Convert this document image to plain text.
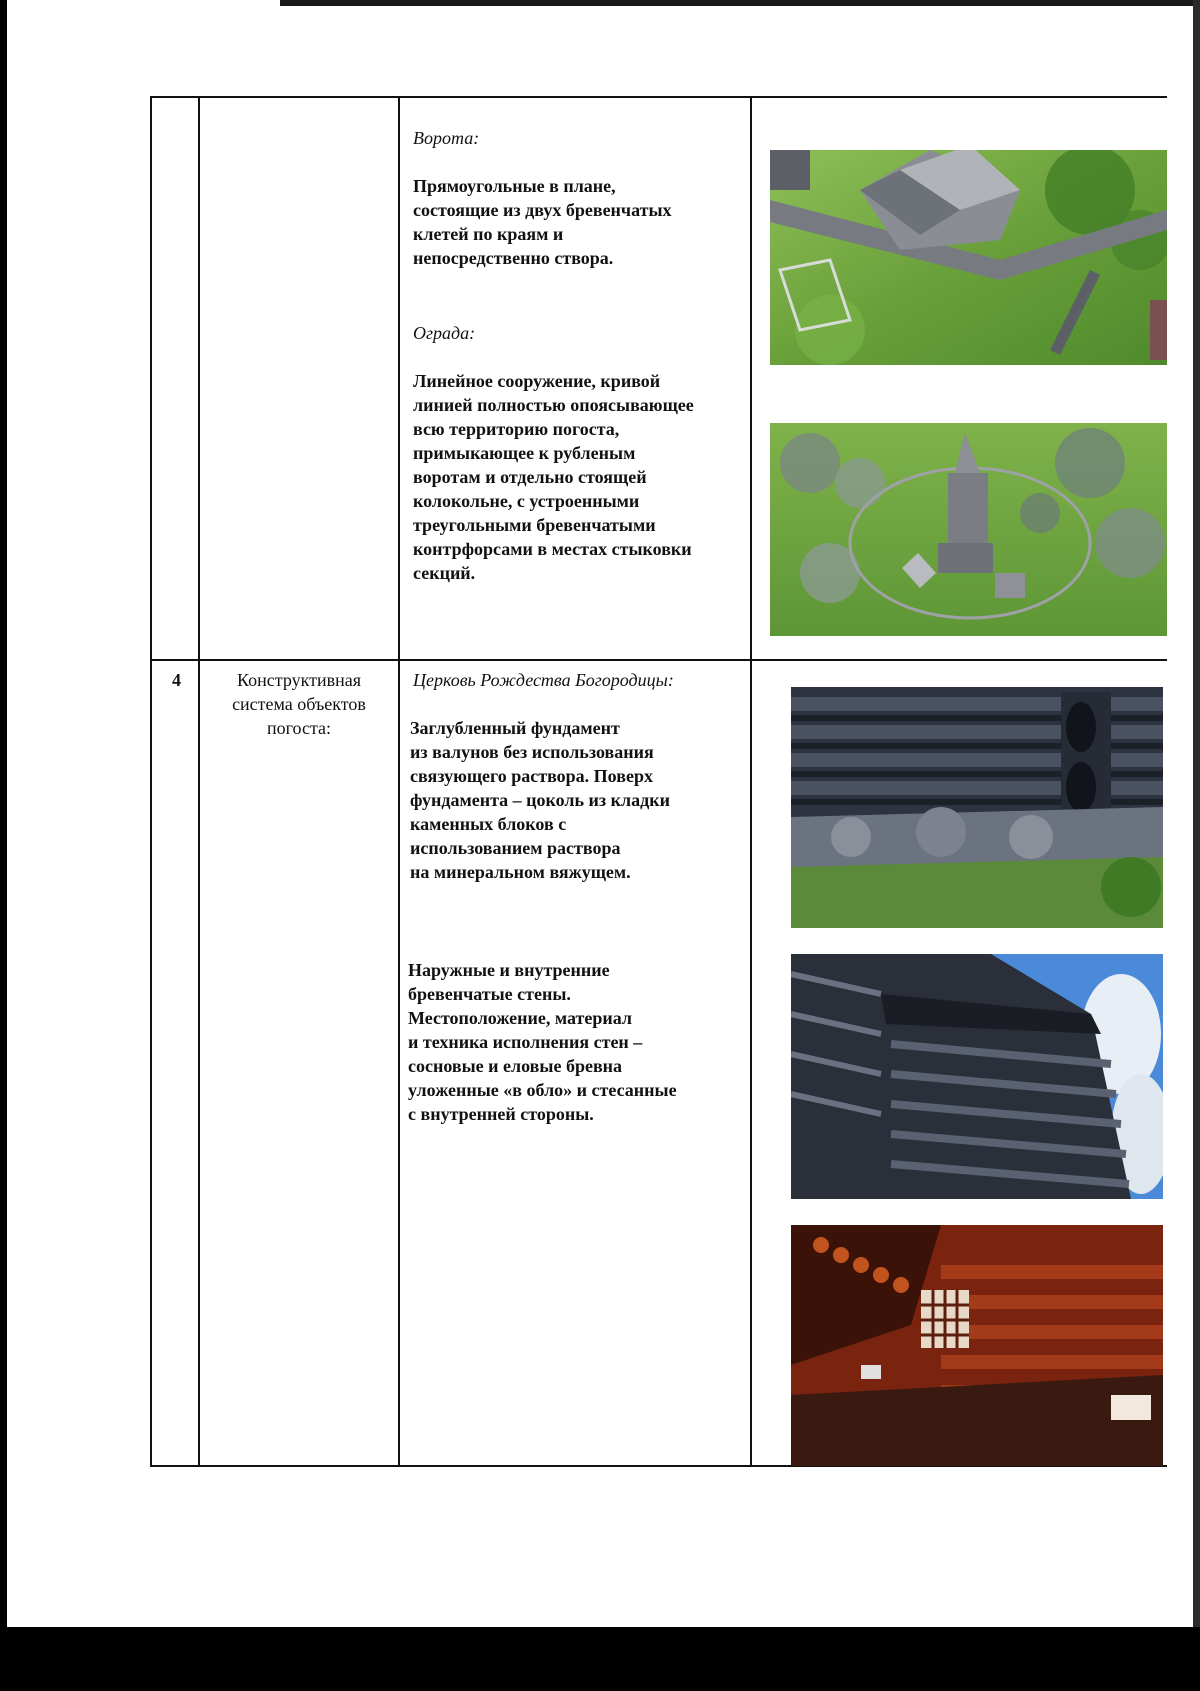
Ворота:
Прямоугольные в плане,
состоящие из двух бревенчатых
клетей по краям и
непосредственно створа.
Ограда:
Линейное сооружение, кривой
линией полностью опоясывающее
всю территорию погоста,
примыкающее к рубленым
воротам и отдельно стоящей
колокольне, с устроенными
треугольными бревенчатыми
контрфорсами в местах стыковки
секций.
4	Конструктивная
система объектов
погоста:
Церковь Рождества Богородицы:
Заглубленный фундамент
из валунов без использования
связующего раствора. Поверх
фундамента – цоколь из кладки
каменных блоков с
использованием раствора
на минеральном вяжущем.
Наружные и внутренние
бревенчатые стены.
Местоположение, материал
и техника исполнения стен –
сосновые и еловые бревна
уложенные «в обло» и стесанные
с внутренней стороны.
